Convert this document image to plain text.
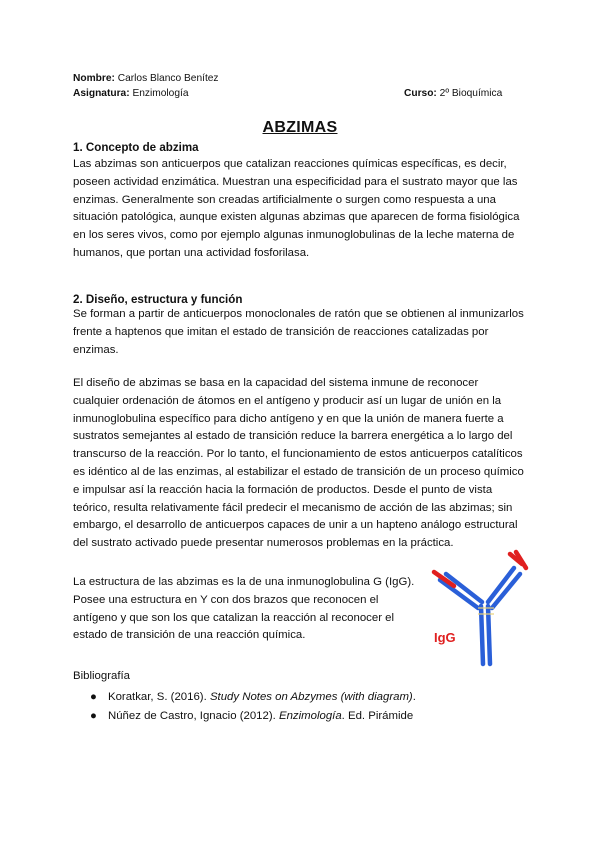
Nombre: Carlos Blanco Benítez
Asignatura: Enzimología	Curso: 2º Bioquímica
ABZIMAS
1. Concepto de abzima
Las abzimas son anticuerpos que catalizan reacciones químicas específicas, es decir, poseen actividad enzimática. Muestran una especificidad para el sustrato mayor que las enzimas. Generalmente son creadas artificialmente o surgen como respuesta a una situación patológica, aunque existen algunas abzimas que aparecen de forma fisiológica en los seres vivos, como por ejemplo algunas inmunoglobulinas de la leche materna de humanos, que portan una actividad fosforilasa.
2. Diseño, estructura y función
Se forman a partir de anticuerpos monoclonales de ratón que se obtienen al inmunizarlos frente a haptenos que imitan el estado de transición de reacciones catalizadas por enzimas.
El diseño de abzimas se basa en la capacidad del sistema inmune de reconocer cualquier ordenación de átomos en el antígeno y producir así un lugar de unión en la inmunoglobulina específico para dicho antígeno y en que la unión de manera fuerte a sustratos semejantes al estado de transición reduce la barrera energética a lo largo del transcurso de la reacción. Por lo tanto, el funcionamiento de estos anticuerpos catalíticos es idéntico al de las enzimas, al estabilizar el estado de transición de un proceso químico e impulsar así la reacción hacia la formación de productos. Desde el punto de vista teórico, resulta relativamente fácil predecir el mecanismo de acción de las abzimas; sin embargo, el desarrollo de anticuerpos capaces de unir a un hapteno análogo estructural del sustrato activado puede presentar numerosos problemas en la práctica.
La estructura de las abzimas es la de una inmunoglobulina G (IgG). Posee una estructura en Y con dos brazos que reconocen el antígeno y que son los que catalizan la reacción al reconocer el estado de transición de una reacción química.	IgG
Bibliografía
● Koratkar, S. (2016). Study Notes on Abzymes (with diagram).
● Núñez de Castro, Ignacio (2012). Enzimología. Ed. Pirámide
